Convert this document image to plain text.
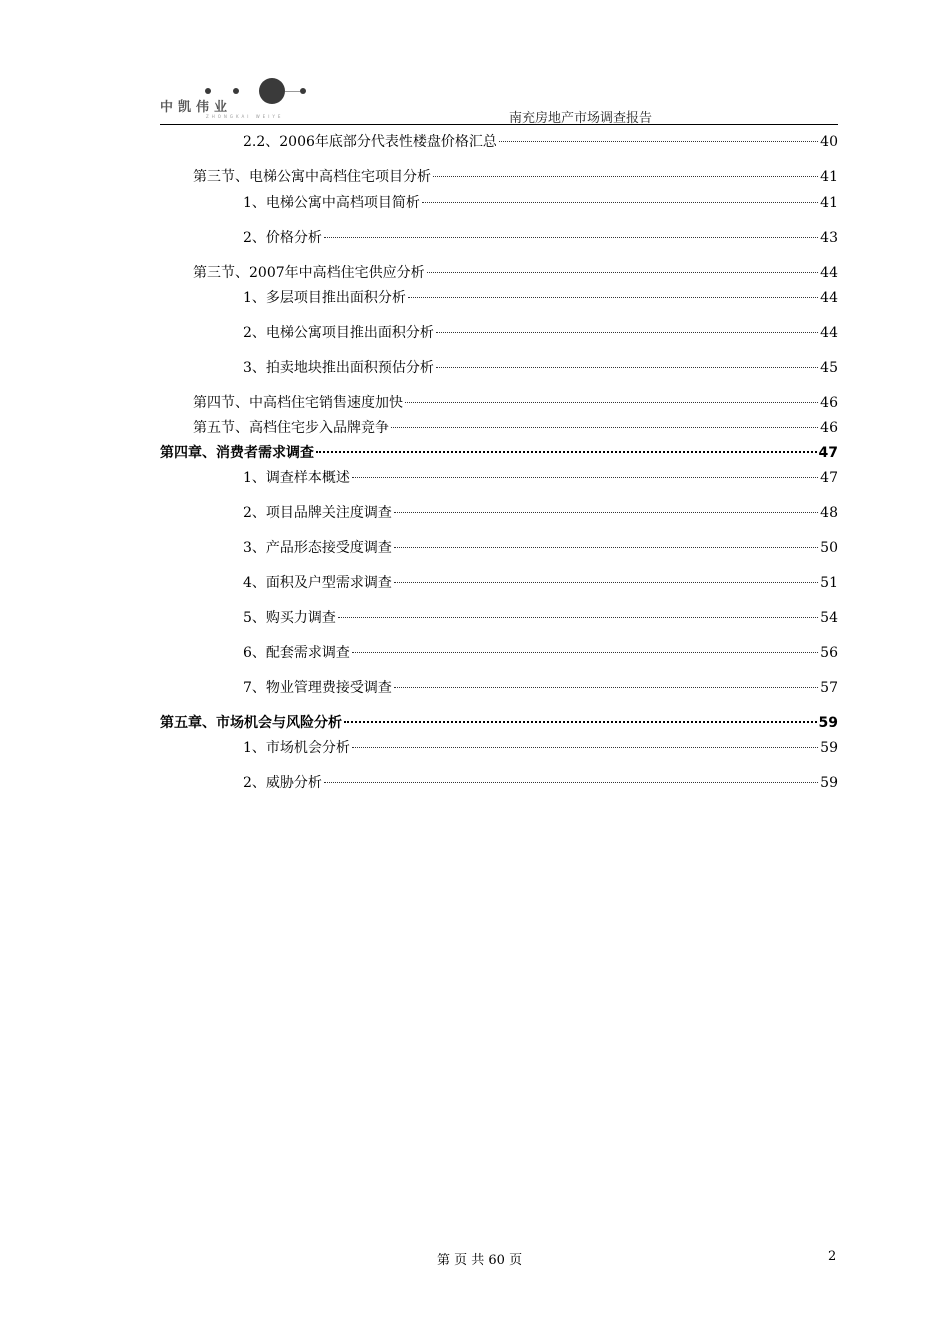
中凯伟业
ZHONGKAI WEIYE	南充房地产市场调查报告
2.2、2006年底部分代表性楼盘价格汇总	40
第三节、电梯公寓中高档住宅项目分析	41
1、电梯公寓中高档项目简析	41
2、价格分析	43
第三节、2007年中高档住宅供应分析	44
1、多层项目推出面积分析	44
2、电梯公寓项目推出面积分析	44
3、拍卖地块推出面积预估分析	45
第四节、中高档住宅销售速度加快	46
第五节、高档住宅步入品牌竞争	46
第四章、消费者需求调查	47
1、调查样本概述	47
2、项目品牌关注度调查	48
3、产品形态接受度调查	50
4、面积及户型需求调查	51
5、购买力调查	54
6、配套需求调查	56
7、物业管理费接受调查	57
第五章、市场机会与风险分析	59
1、市场机会分析	59
2、威胁分析	59
第 页 共 60 页	2
